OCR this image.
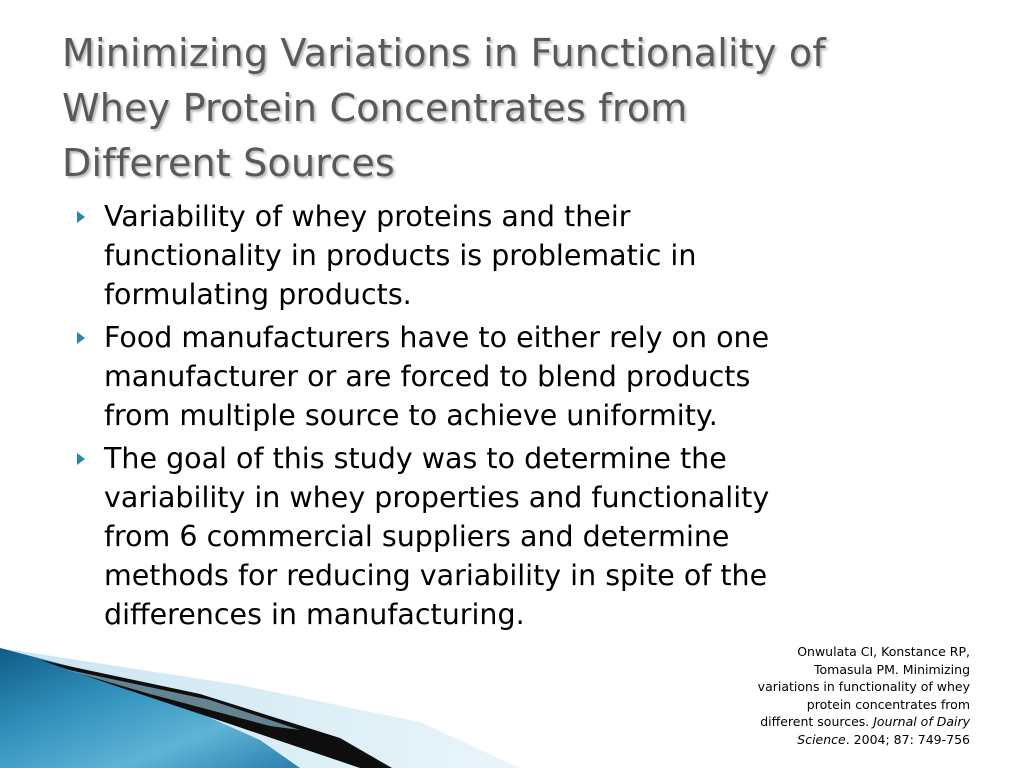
Minimizing Variations in Functionality of
Whey Protein Concentrates from
Different Sources
Variability of whey proteins and their
functionality in products is problematic in
formulating products.
Food manufacturers have to either rely on one
manufacturer or are forced to blend products
from multiple source to achieve uniformity.
The goal of this study was to determine the
variability in whey properties and functionality
from 6 commercial suppliers and determine
methods for reducing variability in spite of the
differences in manufacturing.
Onwulata CI, Konstance RP,
Tomasula PM. Minimizing
variations in functionality of whey
protein concentrates from
different sources. Journal of Dairy
Science. 2004; 87: 749-756
